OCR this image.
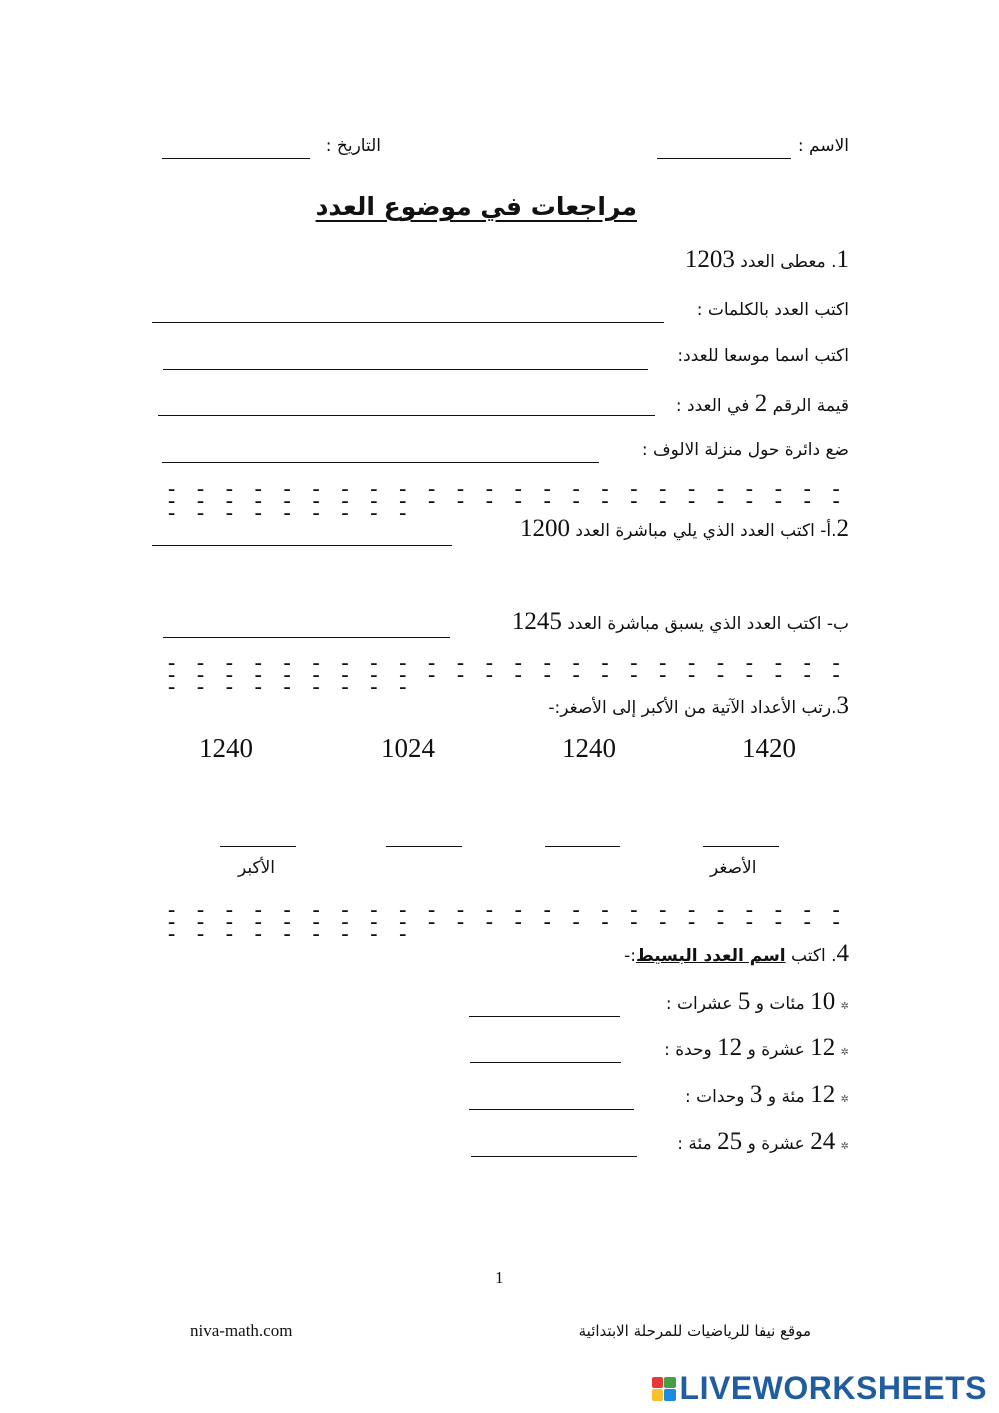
الاسم :
التاريخ :
مراجعات في موضوع العدد
1. معطى العدد 1203
اكتب العدد بالكلمات :
اكتب اسما موسعا للعدد:
قيمة الرقم 2 في العدد :
ضع دائرة حول منزلة الالوف :
- - - - - - - - - - - - - - - - - - - - - - - - - - - - - - - - - - - - - - - - - - - - - - - - - - - - - - - - -
2.أ- اكتب العدد الذي يلي مباشرة العدد 1200
ب- اكتب العدد الذي يسبق مباشرة العدد 1245
- - - - - - - - - - - - - - - - - - - - - - - - - - - - - - - - - - - - - - - - - - - - - - - - - - - - - - - - -
3.رتب الأعداد الآتية من الأكبر إلى الأصغر:-
1420
1240
1024
1240
الأصغر
الأكبر
- - - - - - - - - - - - - - - - - - - - - - - - - - - - - - - - - - - - - - - - - - - - - - - - - - - - - - - - -
4. اكتب اسم العدد البسيط:-
✲ 10 مئات و 5 عشرات :
✲ 12 عشرة و 12 وحدة :
✲ 12 مئة و 3 وحدات :
✲ 24 عشرة و 25 مئة :
1
niva-math.com	موقع نيفا للرياضيات للمرحلة الابتدائية
LIVEWORKSHEETS
